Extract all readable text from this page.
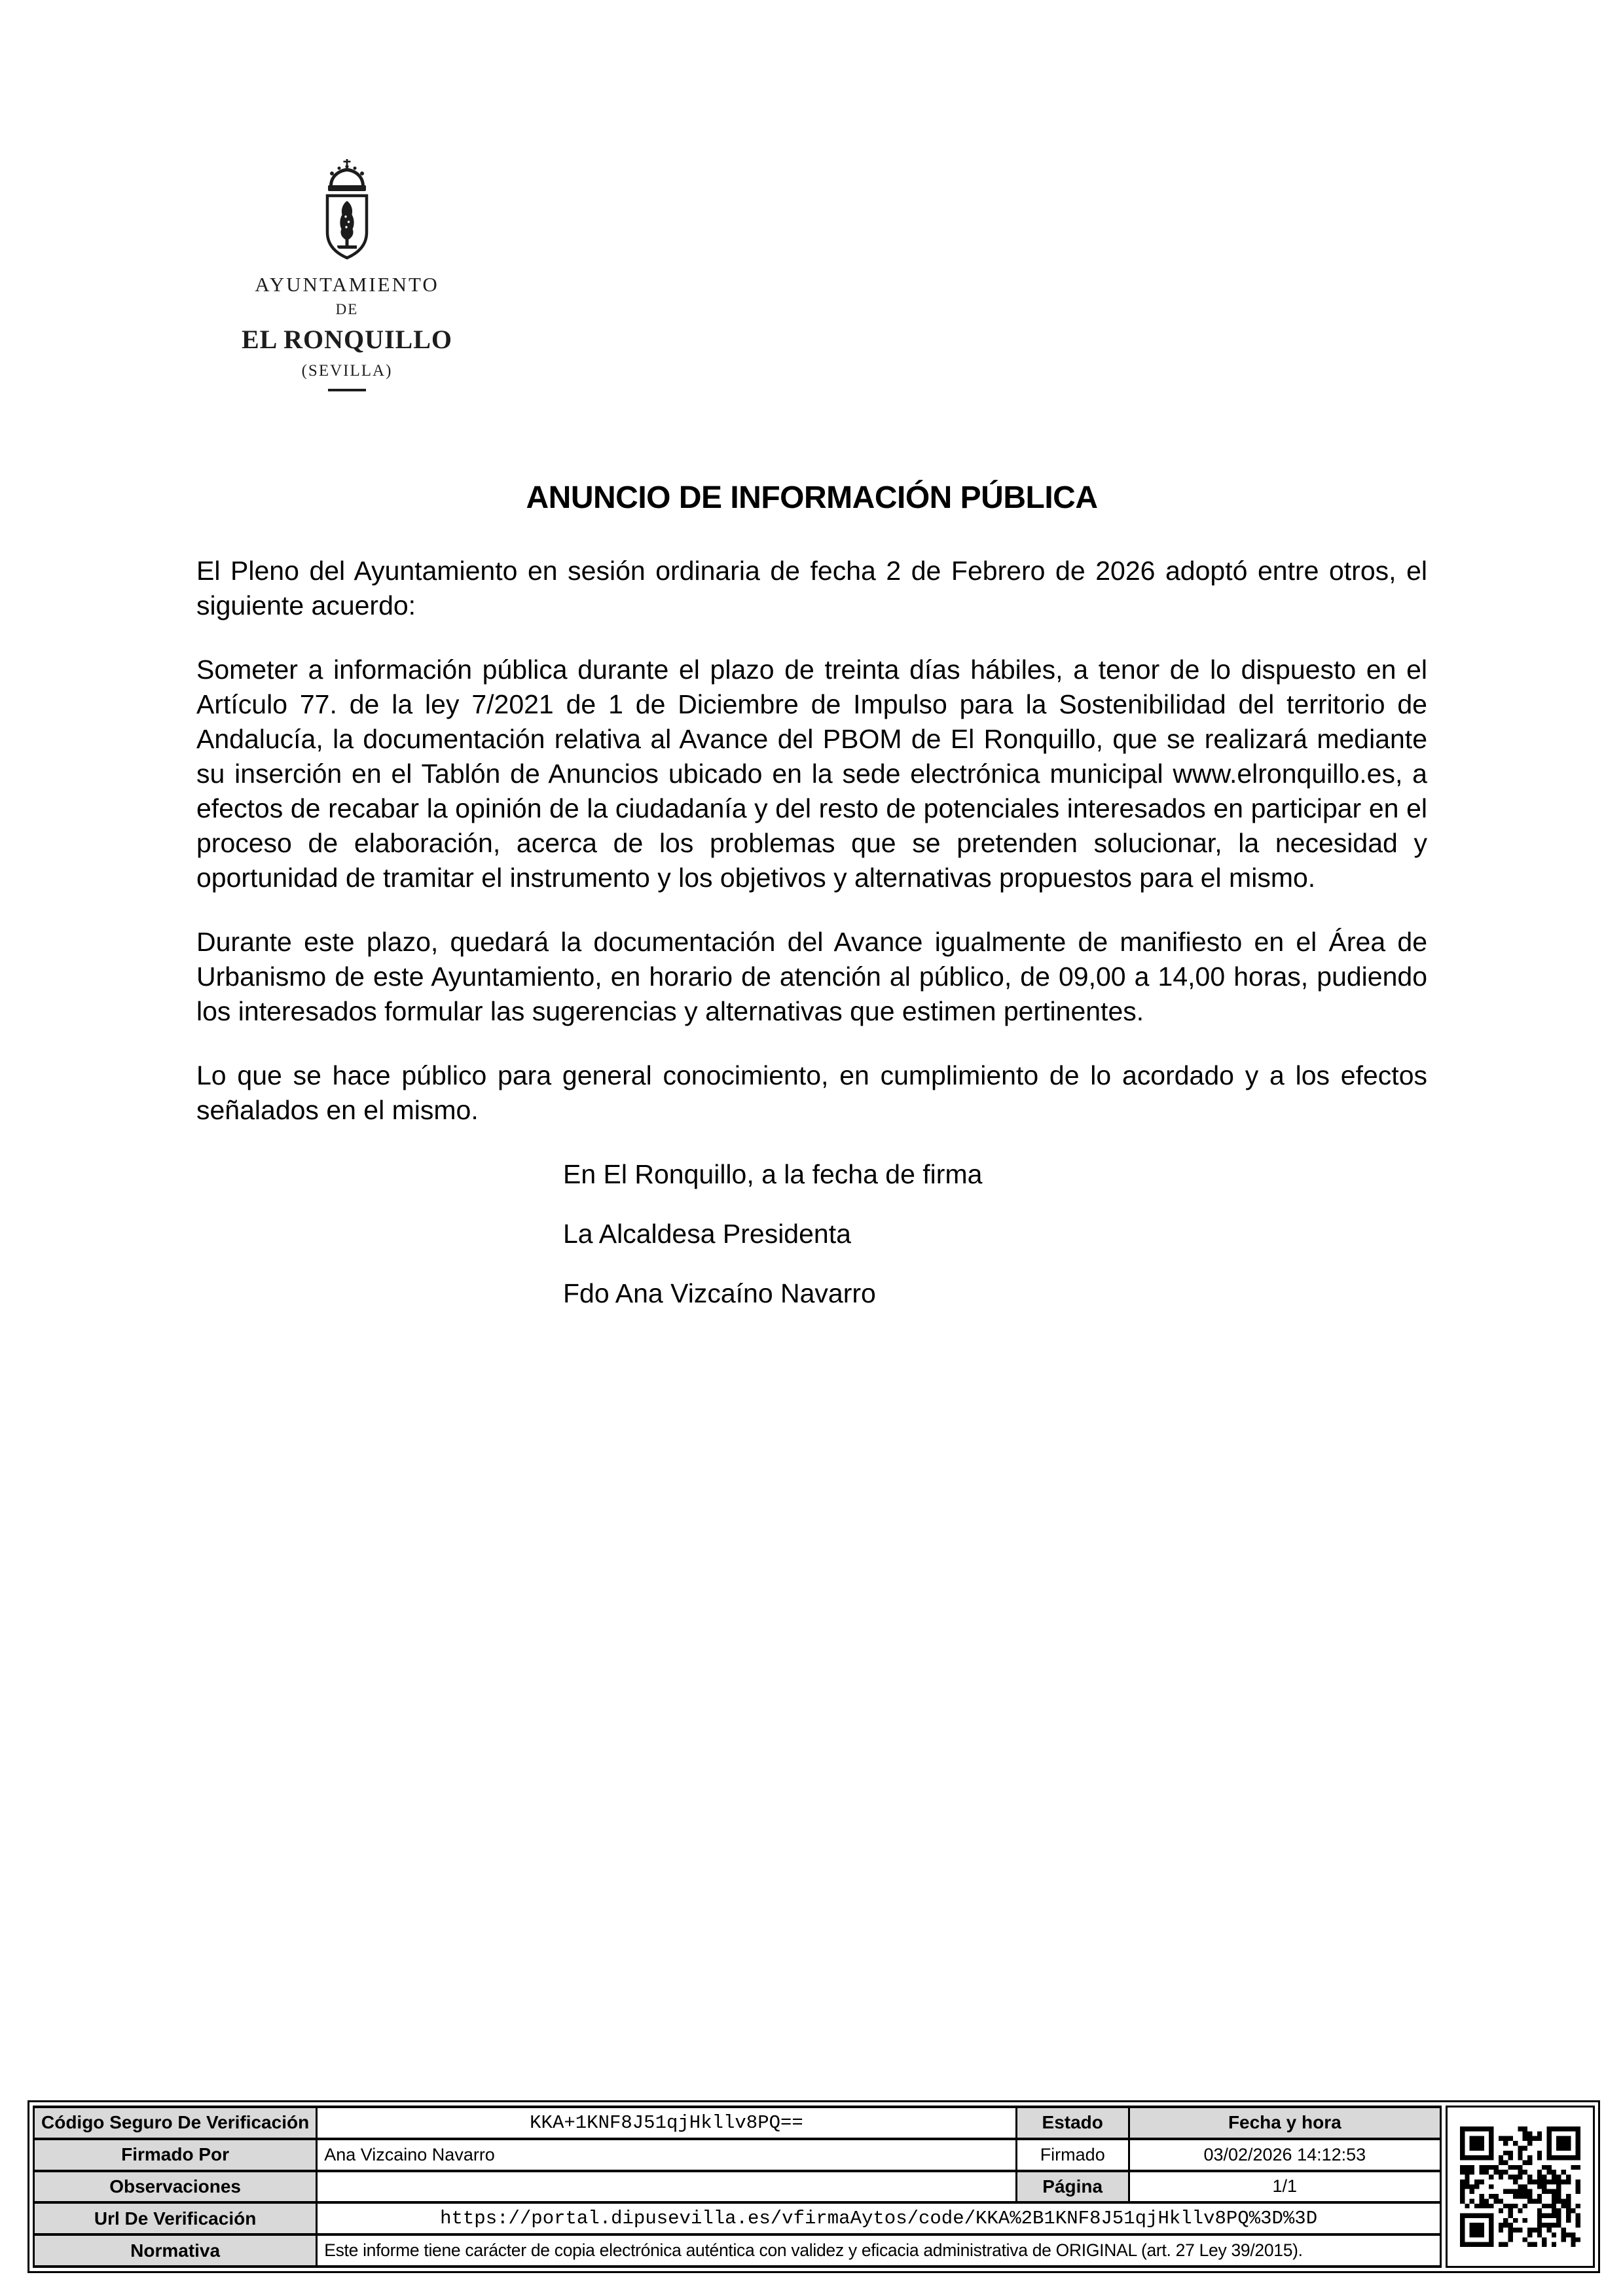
AYUNTAMIENTO
DE
EL RONQUILLO
(SEVILLA)
ANUNCIO DE INFORMACIÓN PÚBLICA

El Pleno del Ayuntamiento en sesión ordinaria de fecha 2 de Febrero de 2026 adoptó entre otros, el siguiente acuerdo:

Someter a información pública durante el plazo de treinta días hábiles, a tenor de lo dispuesto en el Artículo 77. de la ley 7/2021 de 1 de Diciembre de Impulso para la Sostenibilidad del territorio de Andalucía, la documentación relativa al Avance del PBOM de El Ronquillo, que se realizará mediante su inserción en el Tablón de Anuncios ubicado en la sede electrónica municipal www.elronquillo.es, a efectos de recabar la opinión de la ciudadanía y del resto de potenciales interesados en participar en el proceso de elaboración, acerca de los problemas que se pretenden solucionar, la necesidad y oportunidad de tramitar el instrumento y los objetivos y alternativas propuestos para el mismo.

Durante este plazo, quedará la documentación del Avance igualmente de manifiesto en el Área de Urbanismo de este Ayuntamiento, en horario de atención al público, de 09,00 a 14,00 horas, pudiendo los interesados formular las sugerencias y alternativas que estimen pertinentes.

Lo que se hace público para general conocimiento, en cumplimiento de lo acordado y a los efectos señalados en el mismo.

En El Ronquillo, a la fecha de firma

La Alcaldesa Presidenta

Fdo Ana Vizcaíno Navarro

Código Seguro De Verificación	KKA+1KNF8J51qjHkllv8PQ==	Estado	Fecha y hora
Firmado Por	Ana Vizcaino Navarro	Firmado	03/02/2026 14:12:53
Observaciones		Página	1/1
Url De Verificación	https://portal.dipusevilla.es/vfirmaAytos/code/KKA%2B1KNF8J51qjHkllv8PQ%3D%3D		
Normativa	Este informe tiene carácter de copia electrónica auténtica con validez y eficacia administrativa de ORIGINAL (art. 27 Ley 39/2015).		
